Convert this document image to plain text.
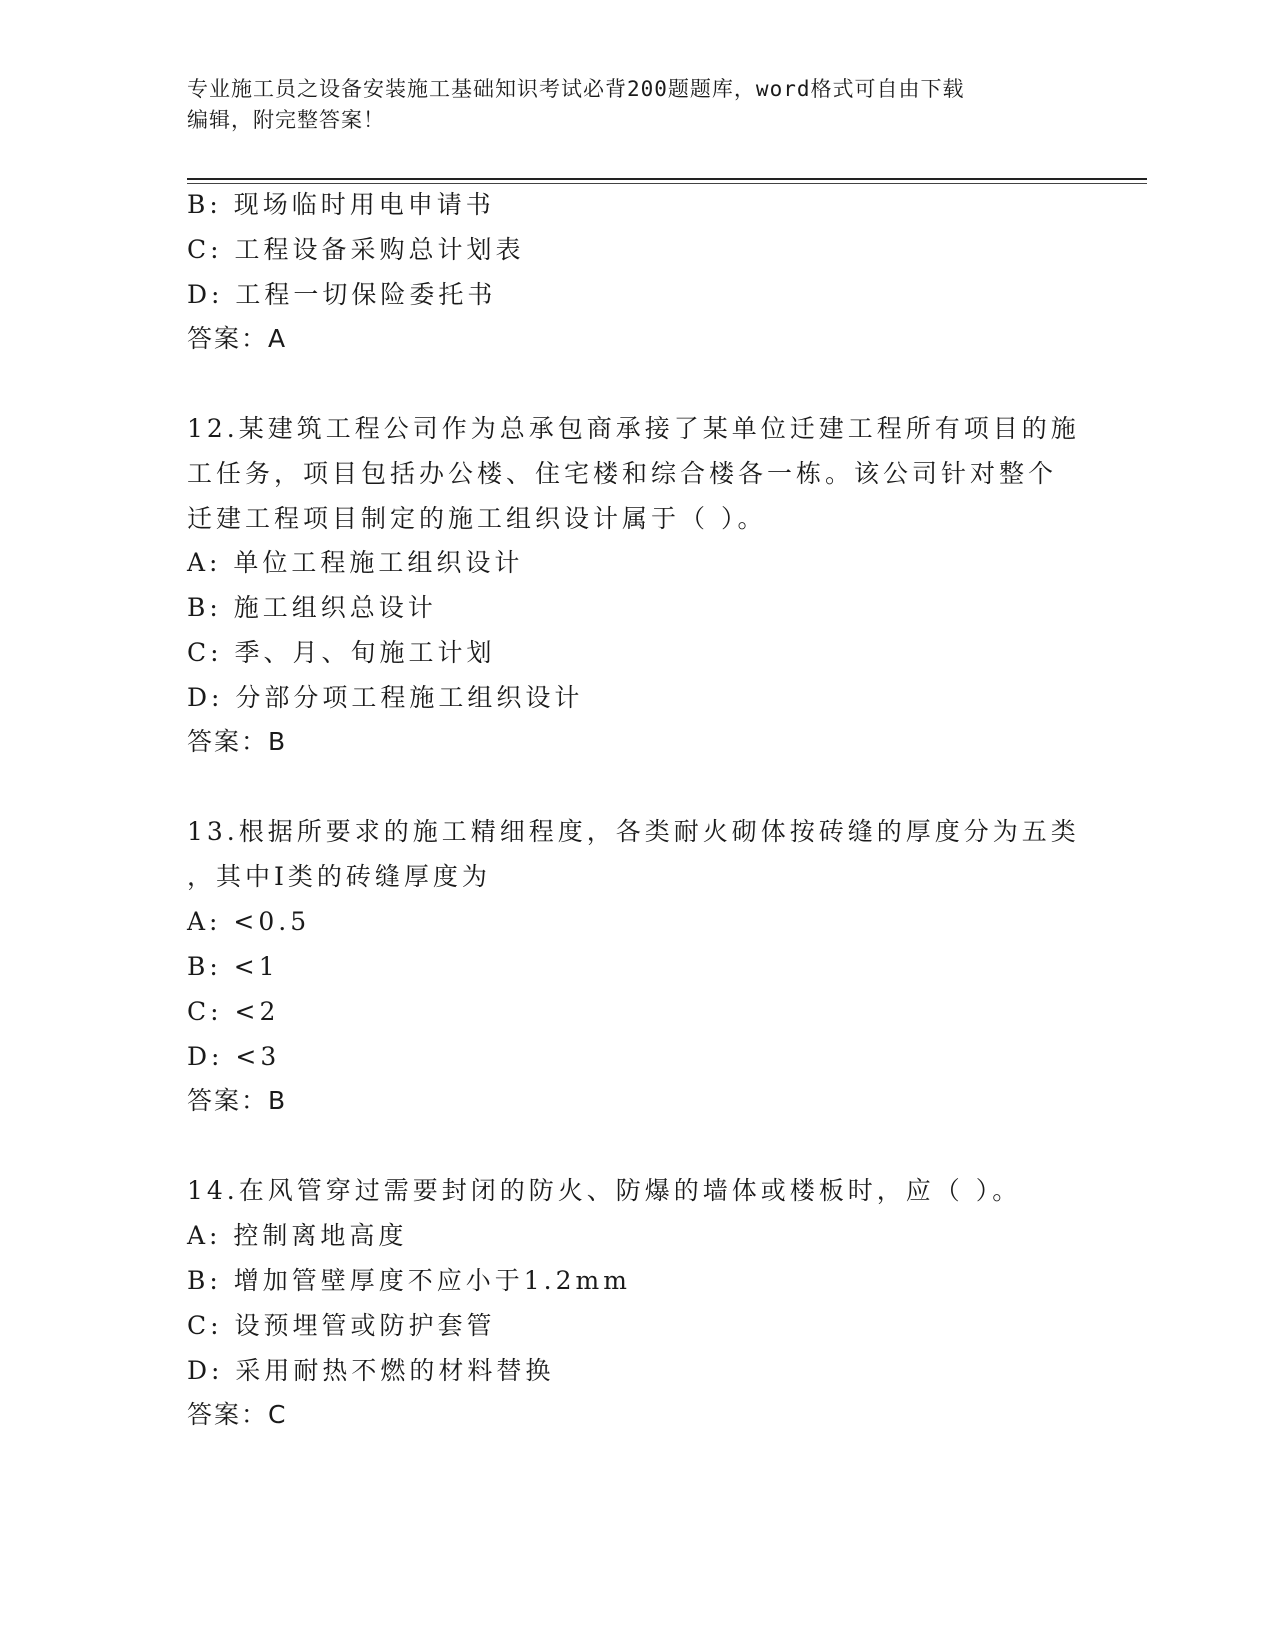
专业施工员之设备安装施工基础知识考试必背200题题库，word格式可自由下载
编辑，附完整答案！
B: 现场临时用电申请书
C: 工程设备采购总计划表
D: 工程一切保险委托书
答案：A
12.某建筑工程公司作为总承包商承接了某单位迁建工程所有项目的施
工任务，项目包括办公楼、住宅楼和综合楼各一栋。该公司针对整个
迁建工程项目制定的施工组织设计属于（ ）。
A: 单位工程施工组织设计
B: 施工组织总设计
C: 季、月、旬施工计划
D: 分部分项工程施工组织设计
答案：B
13.根据所要求的施工精细程度，各类耐火砌体按砖缝的厚度分为五类
，其中Ⅰ类的砖缝厚度为
A: <0.5
B: <1
C: <2
D: <3
答案：B
14.在风管穿过需要封闭的防火、防爆的墙体或楼板时，应（ ）。
A: 控制离地高度
B: 增加管壁厚度不应小于1.2mm
C: 设预埋管或防护套管
D: 采用耐热不燃的材料替换
答案：C
